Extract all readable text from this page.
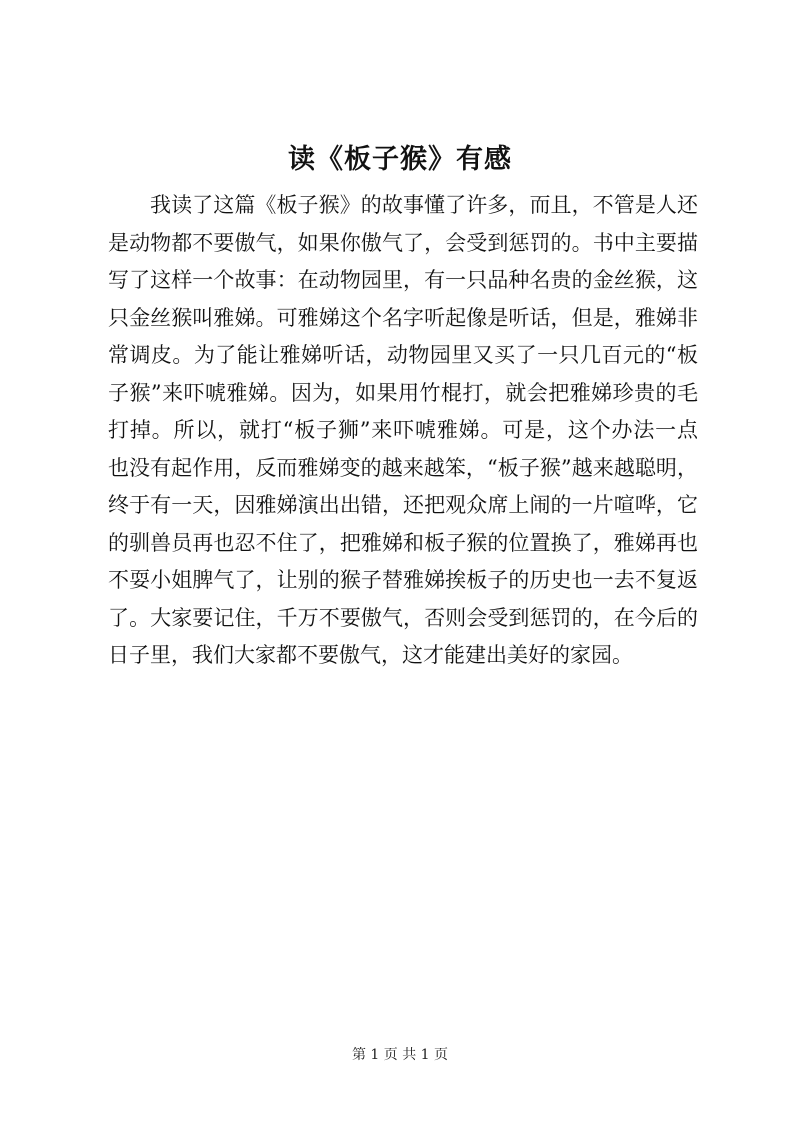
读《板子猴》有感
我读了这篇《板子猴》的故事懂了许多，而且，不管是人还
是动物都不要傲气，如果你傲气了，会受到惩罚的。书中主要描
写了这样一个故事：在动物园里，有一只品种名贵的金丝猴，这
只金丝猴叫雅娣。可雅娣这个名字听起像是听话，但是，雅娣非
常调皮。为了能让雅娣听话，动物园里又买了一只几百元的“板
子猴”来吓唬雅娣。因为，如果用竹棍打，就会把雅娣珍贵的毛
打掉。所以，就打“板子狮”来吓唬雅娣。可是，这个办法一点
也没有起作用，反而雅娣变的越来越笨，“板子猴”越来越聪明，
终于有一天，因雅娣演出出错，还把观众席上闹的一片喧哗，它
的驯兽员再也忍不住了，把雅娣和板子猴的位置换了，雅娣再也
不耍小姐脾气了，让别的猴子替雅娣挨板子的历史也一去不复返
了。大家要记住，千万不要傲气，否则会受到惩罚的，在今后的
日子里，我们大家都不要傲气，这才能建出美好的家园。
第 1 页 共 1 页
